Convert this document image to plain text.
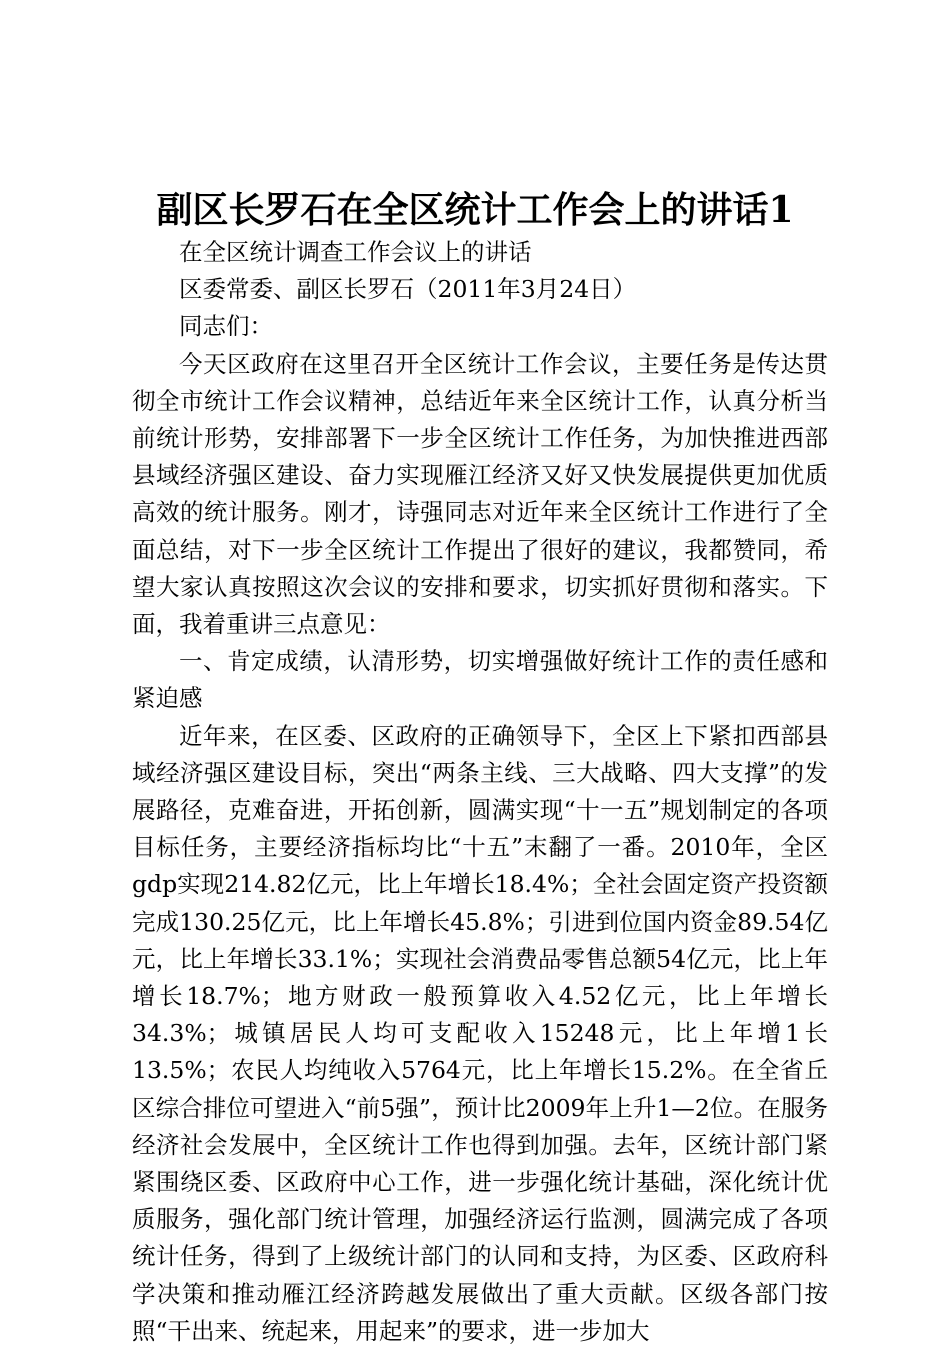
副区长罗石在全区统计工作会上的讲话1

在全区统计调查工作会议上的讲话

区委常委、副区长罗石（2011年3月24日）

同志们：

今天区政府在这里召开全区统计工作会议，主要任务是传达贯彻全市统计工作会议精神，总结近年来全区统计工作，认真分析当前统计形势，安排部署下一步全区统计工作任务，为加快推进西部县域经济强区建设、奋力实现雁江经济又好又快发展提供更加优质高效的统计服务。刚才，诗强同志对近年来全区统计工作进行了全面总结，对下一步全区统计工作提出了很好的建议，我都赞同，希望大家认真按照这次会议的安排和要求，切实抓好贯彻和落实。下面，我着重讲三点意见：

一、肯定成绩，认清形势，切实增强做好统计工作的责任感和紧迫感

近年来，在区委、区政府的正确领导下，全区上下紧扣西部县域经济强区建设目标，突出“两条主线、三大战略、四大支撑”的发展路径，克难奋进，开拓创新，圆满实现“十一五”规划制定的各项目标任务，主要经济指标均比“十五”末翻了一番。2010年，全区gdp实现214.82亿元，比上年增长18.4%；全社会固定资产投资额完成130.25亿元，比上年增长45.8%；引进到位国内资金89.54亿元，比上年增长33.1%；实现社会消费品零售总额54亿元，比上年增长18.7%；地方财政一般预算收入4.52亿元，比上年增长34.3%；城镇居民人均可支配收入15248元，比上年增1长13.5%；农民人均纯收入5764元，比上年增长15.2%。在全省丘区综合排位可望进入“前5强”，预计比2009年上升1—2位。在服务经济社会发展中，全区统计工作也得到加强。去年，区统计部门紧紧围绕区委、区政府中心工作，进一步强化统计基础，深化统计优质服务，强化部门统计管理，加强经济运行监测，圆满完成了各项统计任务，得到了上级统计部门的认同和支持，为区委、区政府科学决策和推动雁江经济跨越发展做出了重大贡献。区级各部门按照“干出来、统起来，用起来”的要求，进一步加大
